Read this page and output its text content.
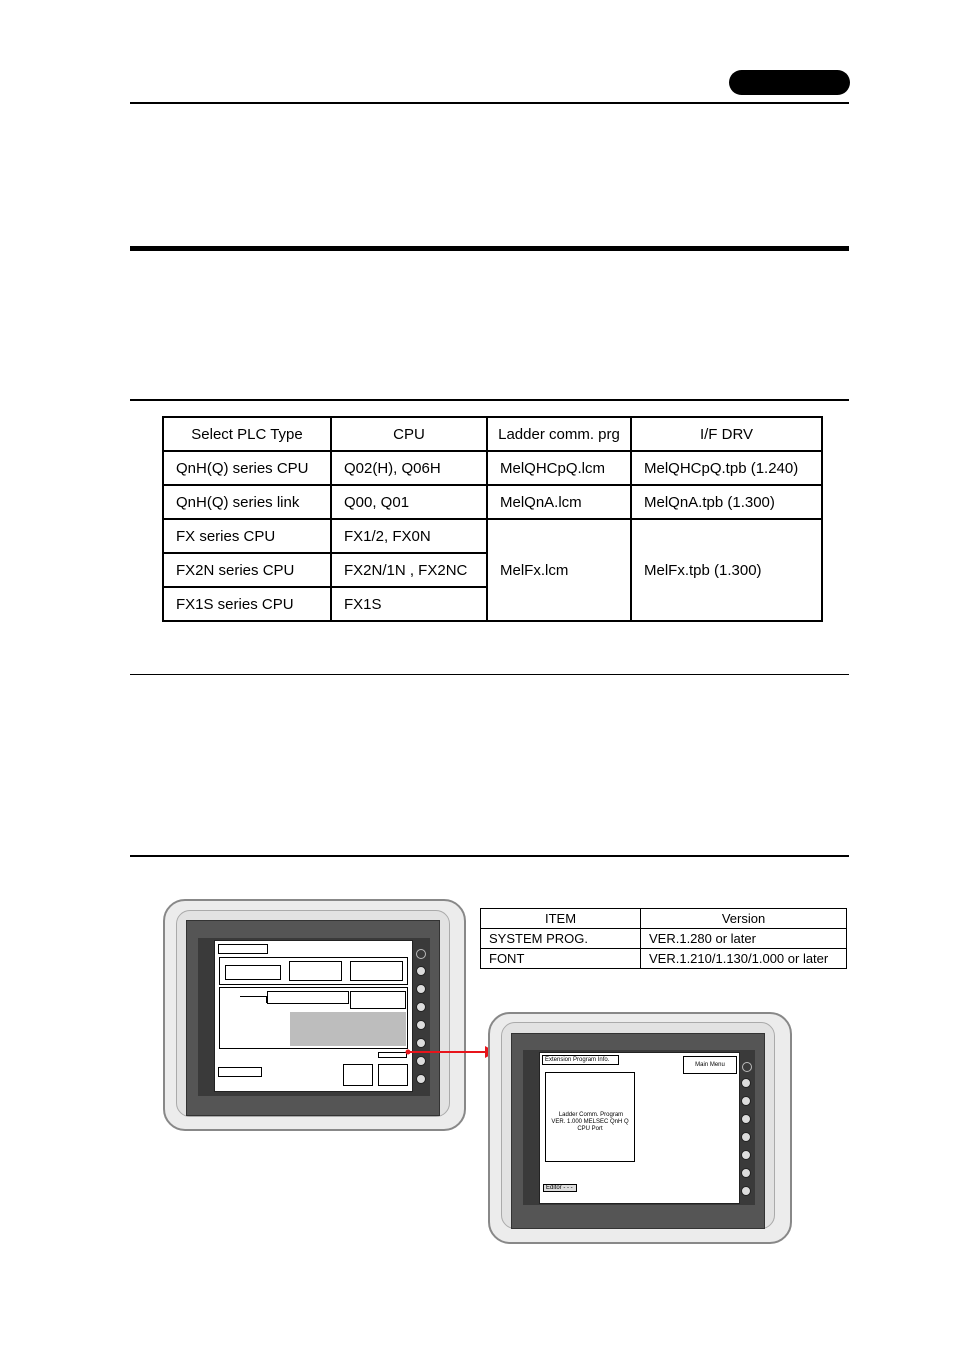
Select PLC Type	CPU	Ladder comm. prg	I/F DRV
QnH(Q) series CPU	Q02(H), Q06H	MelQHCpQ.lcm	MelQHCpQ.tpb (1.240)
QnH(Q) series link	Q00, Q01	MelQnA.lcm	MelQnA.tpb (1.300)
FX series CPU	FX1/2, FX0N	MelFx.lcm	MelFx.tpb (1.300)
FX2N series CPU	FX2N/1N , FX2NC		
FX1S series CPU	FX1S		
ITEM	Version
SYSTEM PROG.	VER.1.280 or later
FONT	VER.1.210/1.130/1.000 or later
Extension Program Info.
Main Menu
Ladder Comm. Program
VER. 1.000 MELSEC QnH Q
CPU Port
Editor - - -
